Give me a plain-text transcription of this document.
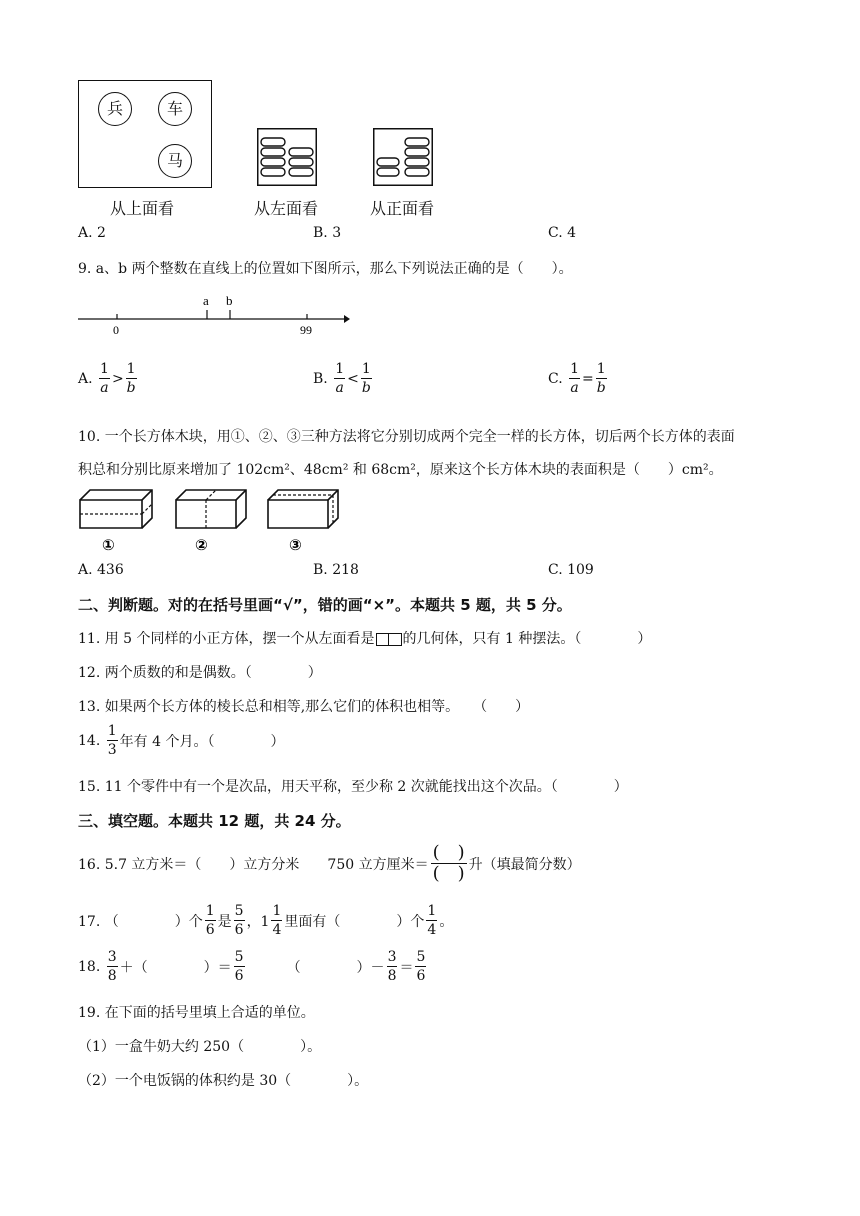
兵	车
马
从上面看	从左面看	从正面看
A. 2	B. 3	C. 4
9. a、b 两个整数在直线上的位置如下图所示，那么下列说法正确的是（　　）。
a b
0	99
A.
$\frac{1}{a} > \frac{1}{b}$	B.
$\frac{1}{a} < \frac{1}{b}$	C.
$\frac{1}{a} = \frac{1}{b}$
10. 一个长方体木块，用①、②、③三种方法将它分别切成两个完全一样的长方体，切后两个长方体的表面
积总和分别比原来增加了 102cm²、48cm² 和 68cm²，原来这个长方体木块的表面积是（　　）cm²。
①	②	③
A. 436	B. 218	C. 109
二、判断题。对的在括号里画“√”，错的画“×”。本题共 5 题，共 5 分。
11. 用 5 个同样的小正方体，摆一个从左面看是 的几何体，只有 1 种摆法。（　　　　）
12. 两个质数的和是偶数。（　　　　）
13. 如果两个长方体的棱长总和相等,那么它们的体积也相等。　　（　　）
14.
$\frac{1}{3}$ 年有 4 个月。（　　　　）
15. 11 个零件中有一个是次品，用天平称，至少称 2 次就能找出这个次品。（　　　　）
三、填空题。本题共 12 题，共 24 分。
16. 5.7 立方米＝（　　）立方分米　　750 立方厘米＝ $\frac{( )}{( )}$ 升（填最简分数）
17. （　　　　）个 $\frac{1}{6}$ 是 $\frac{5}{6}$ ，$1 \frac{1}{4}$ 里面有（　　　　）个 $\frac{1}{4}$ 。
18.
$\frac{3}{8}$ ＋（　　　　）＝ $\frac{5}{6}$	（　　　　）－ $\frac{3}{8} = \frac{5}{6}$
19. 在下面的括号里填上合适的单位。
（1）一盒牛奶大约 250（　　　　）。
（2）一个电饭锅的体积约是 30（　　　　）。
